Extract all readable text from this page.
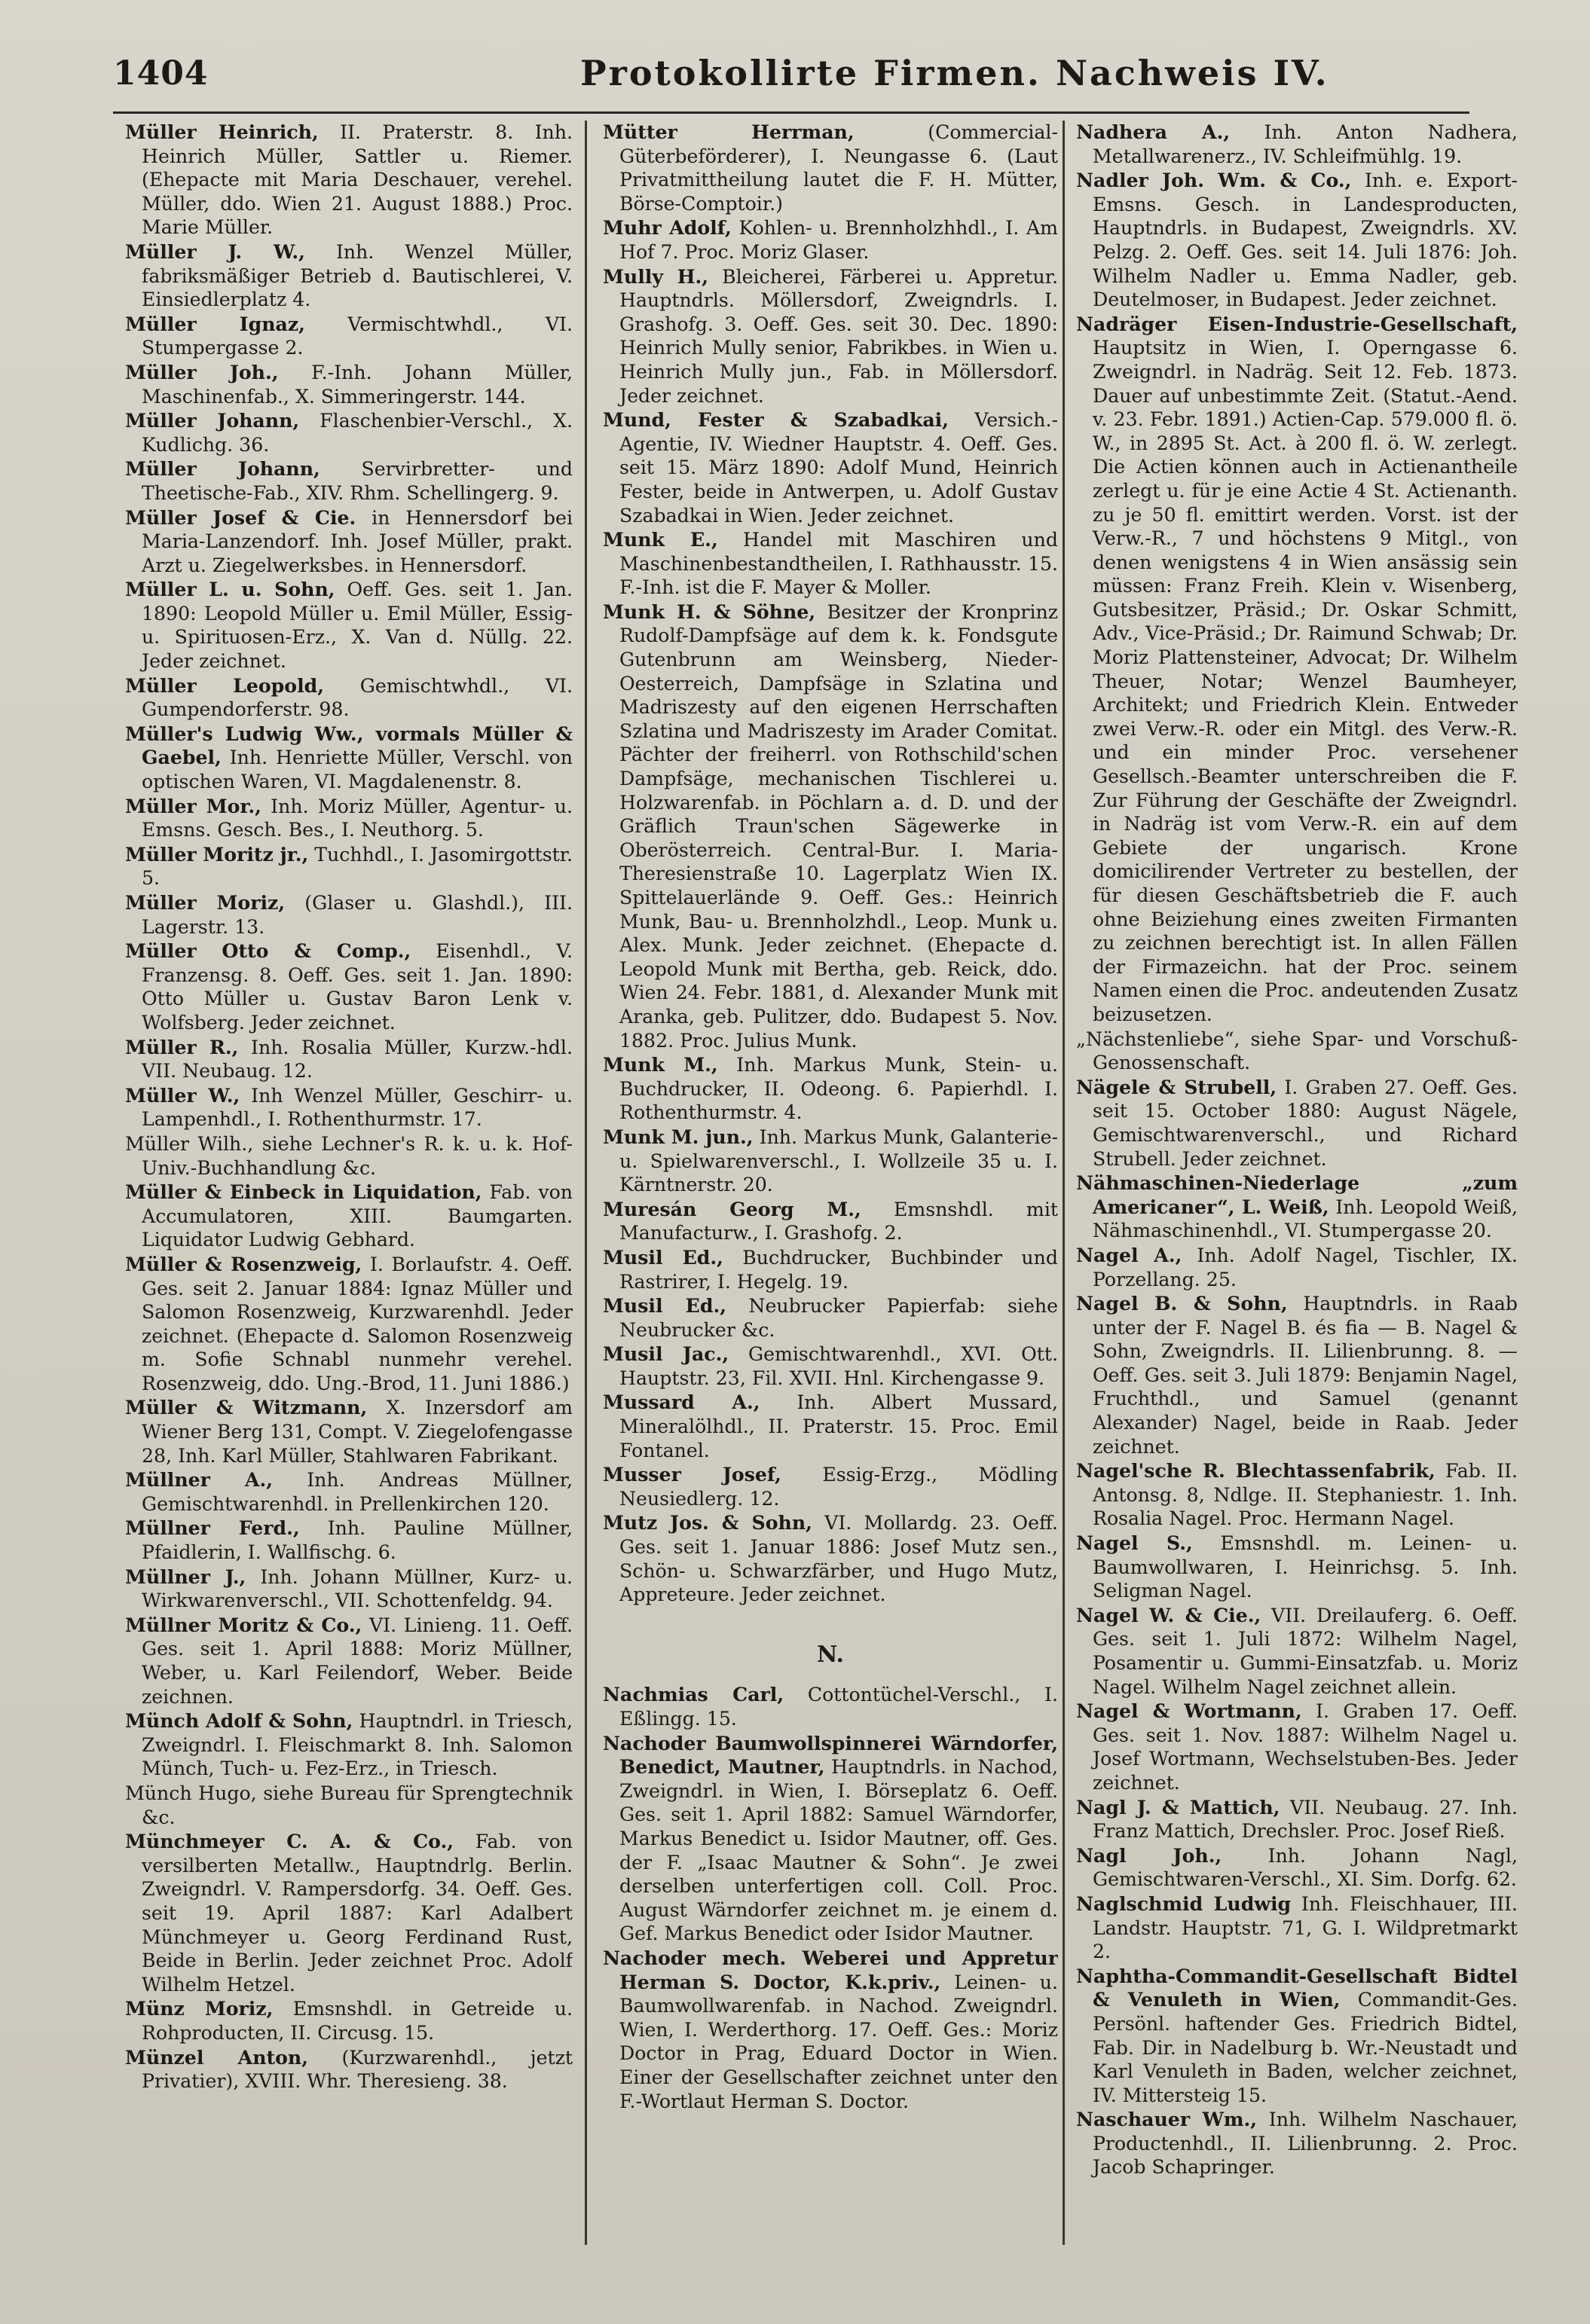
1404	Protokollirte Firmen. Nachweis IV.
Müller Heinrich, II. Praterstr. 8. Inh. Heinrich Müller, Sattler u. Riemer. (Ehepacte mit Maria Deschauer, verehel. Müller, ddo. Wien 21. August 1888.) Proc. Marie Müller.
Müller J. W., Inh. Wenzel Müller, fabriksmäßiger Betrieb d. Bautischlerei, V. Einsiedlerplatz 4.
Müller Ignaz, Vermischtwhdl., VI. Stumpergasse 2.
Müller Joh., F.-Inh. Johann Müller, Maschinenfab., X. Simmeringerstr. 144.
Müller Johann, Flaschenbier-Verschl., X. Kudlichg. 36.
Müller Johann, Servirbretter- und Theetische-Fab., XIV. Rhm. Schellingerg. 9.
Müller Josef & Cie. in Hennersdorf bei Maria-Lanzendorf. Inh. Josef Müller, prakt. Arzt u. Ziegelwerksbes. in Hennersdorf.
Müller L. u. Sohn, Oeff. Ges. seit 1. Jan. 1890: Leopold Müller u. Emil Müller, Essig- u. Spirituosen-Erz., X. Van d. Nüllg. 22. Jeder zeichnet.
Müller Leopold, Gemischtwhdl., VI. Gumpendorferstr. 98.
Müller's Ludwig Ww., vormals Müller & Gaebel, Inh. Henriette Müller, Verschl. von optischen Waren, VI. Magdalenenstr. 8.
Müller Mor., Inh. Moriz Müller, Agentur- u. Emsns. Gesch. Bes., I. Neuthorg. 5.
Müller Moritz jr., Tuchhdl., I. Jasomirgottstr. 5.
Müller Moriz, (Glaser u. Glashdl.), III. Lagerstr. 13.
Müller Otto & Comp., Eisenhdl., V. Franzensg. 8. Oeff. Ges. seit 1. Jan. 1890: Otto Müller u. Gustav Baron Lenk v. Wolfsberg. Jeder zeichnet.
Müller R., Inh. Rosalia Müller, Kurzw.-hdl. VII. Neubaug. 12.
Müller W., Inh Wenzel Müller, Geschirr- u. Lampenhdl., I. Rothenthurmstr. 17.
Müller Wilh., siehe Lechner's R. k. u. k. Hof-Univ.-Buchhandlung &c.
Müller & Einbeck in Liquidation, Fab. von Accumulatoren, XIII. Baumgarten. Liquidator Ludwig Gebhard.
Müller & Rosenzweig, I. Borlaufstr. 4. Oeff. Ges. seit 2. Januar 1884: Ignaz Müller und Salomon Rosenzweig, Kurzwarenhdl. Jeder zeichnet. (Ehepacte d. Salomon Rosenzweig m. Sofie Schnabl nunmehr verehel. Rosenzweig, ddo. Ung.-Brod, 11. Juni 1886.)
Müller & Witzmann, X. Inzersdorf am Wiener Berg 131, Compt. V. Ziegelofengasse 28, Inh. Karl Müller, Stahlwaren Fabrikant.
Müllner A., Inh. Andreas Müllner, Gemischtwarenhdl. in Prellenkirchen 120.
Müllner Ferd., Inh. Pauline Müllner, Pfaidlerin, I. Wallfischg. 6.
Müllner J., Inh. Johann Müllner, Kurz- u. Wirkwarenverschl., VII. Schottenfeldg. 94.
Müllner Moritz & Co., VI. Linieng. 11. Oeff. Ges. seit 1. April 1888: Moriz Müllner, Weber, u. Karl Feilendorf, Weber. Beide zeichnen.
Münch Adolf & Sohn, Hauptndrl. in Triesch, Zweigndrl. I. Fleischmarkt 8. Inh. Salomon Münch, Tuch- u. Fez-Erz., in Triesch.
Münch Hugo, siehe Bureau für Sprengtechnik &c.
Münchmeyer C. A. & Co., Fab. von versilberten Metallw., Hauptndrlg. Berlin. Zweigndrl. V. Rampersdorfg. 34. Oeff. Ges. seit 19. April 1887: Karl Adalbert Münchmeyer u. Georg Ferdinand Rust, Beide in Berlin. Jeder zeichnet Proc. Adolf Wilhelm Hetzel.
Münz Moriz, Emsnshdl. in Getreide u. Rohproducten, II. Circusg. 15.
Münzel Anton, (Kurzwarenhdl., jetzt Privatier), XVIII. Whr. Theresieng. 38.
Mütter Herrman, (Commercial-Güterbeförderer), I. Neungasse 6. (Laut Privatmittheilung lautet die F. H. Mütter, Börse-Comptoir.)
Muhr Adolf, Kohlen- u. Brennholzhhdl., I. Am Hof 7. Proc. Moriz Glaser.
Mully H., Bleicherei, Färberei u. Appretur. Hauptndrls. Möllersdorf, Zweigndrls. I. Grashofg. 3. Oeff. Ges. seit 30. Dec. 1890: Heinrich Mully senior, Fabrikbes. in Wien u. Heinrich Mully jun., Fab. in Möllersdorf. Jeder zeichnet.
Mund, Fester & Szabadkai, Versich.-Agentie, IV. Wiedner Hauptstr. 4. Oeff. Ges. seit 15. März 1890: Adolf Mund, Heinrich Fester, beide in Antwerpen, u. Adolf Gustav Szabadkai in Wien. Jeder zeichnet.
Munk E., Handel mit Maschiren und Maschinenbestandtheilen, I. Rathhausstr. 15. F.-Inh. ist die F. Mayer & Moller.
Munk H. & Söhne, Besitzer der Kronprinz Rudolf-Dampfsäge auf dem k. k. Fondsgute Gutenbrunn am Weinsberg, Nieder-Oesterreich, Dampfsäge in Szlatina und Madriszesty auf den eigenen Herrschaften Szlatina und Madriszesty im Arader Comitat. Pächter der freiherrl. von Rothschild'schen Dampfsäge, mechanischen Tischlerei u. Holzwarenfab. in Pöchlarn a. d. D. und der Gräflich Traun'schen Sägewerke in Oberösterreich. Central-Bur. I. Maria-Theresienstraße 10. Lagerplatz Wien IX. Spittelauerlände 9. Oeff. Ges.: Heinrich Munk, Bau- u. Brennholzhdl., Leop. Munk u. Alex. Munk. Jeder zeichnet. (Ehepacte d. Leopold Munk mit Bertha, geb. Reick, ddo. Wien 24. Febr. 1881, d. Alexander Munk mit Aranka, geb. Pulitzer, ddo. Budapest 5. Nov. 1882. Proc. Julius Munk.
Munk M., Inh. Markus Munk, Stein- u. Buchdrucker, II. Odeong. 6. Papierhdl. I. Rothenthurmstr. 4.
Munk M. jun., Inh. Markus Munk, Galanterie- u. Spielwarenverschl., I. Wollzeile 35 u. I. Kärntnerstr. 20.
Muresán Georg M., Emsnshdl. mit Manufacturw., I. Grashofg. 2.
Musil Ed., Buchdrucker, Buchbinder und Rastrirer, I. Hegelg. 19.
Musil Ed., Neubrucker Papierfab: siehe Neubrucker &c.
Musil Jac., Gemischtwarenhdl., XVI. Ott. Hauptstr. 23, Fil. XVII. Hnl. Kirchengasse 9.
Mussard A., Inh. Albert Mussard, Mineralölhdl., II. Praterstr. 15. Proc. Emil Fontanel.
Musser Josef, Essig-Erzg., Mödling Neusiedlerg. 12.
Mutz Jos. & Sohn, VI. Mollardg. 23. Oeff. Ges. seit 1. Januar 1886: Josef Mutz sen., Schön- u. Schwarzfärber, und Hugo Mutz, Appreteure. Jeder zeichnet.
N.
Nachmias Carl, Cottontüchel-Verschl., I. Eßlingg. 15.
Nachoder Baumwollspinnerei Wärndorfer, Benedict, Mautner, Hauptndrls. in Nachod, Zweigndrl. in Wien, I. Börseplatz 6. Oeff. Ges. seit 1. April 1882: Samuel Wärndorfer, Markus Benedict u. Isidor Mautner, off. Ges. der F. „Isaac Mautner & Sohn“. Je zwei derselben unterfertigen coll. Coll. Proc. August Wärndorfer zeichnet m. je einem d. Gef. Markus Benedict oder Isidor Mautner.
Nachoder mech. Weberei und Appretur Herman S. Doctor, K.k.priv., Leinen- u. Baumwollwarenfab. in Nachod. Zweigndrl. Wien, I. Werderthorg. 17. Oeff. Ges.: Moriz Doctor in Prag, Eduard Doctor in Wien. Einer der Gesellschafter zeichnet unter den F.-Wortlaut Herman S. Doctor.
Nadhera A., Inh. Anton Nadhera, Metallwarenerz., IV. Schleifmühlg. 19.
Nadler Joh. Wm. & Co., Inh. e. Export-Emsns. Gesch. in Landesproducten, Hauptndrls. in Budapest, Zweigndrls. XV. Pelzg. 2. Oeff. Ges. seit 14. Juli 1876: Joh. Wilhelm Nadler u. Emma Nadler, geb. Deutelmoser, in Budapest. Jeder zeichnet.
Nadräger Eisen-Industrie-Gesellschaft, Hauptsitz in Wien, I. Operngasse 6. Zweigndrl. in Nadräg. Seit 12. Feb. 1873. Dauer auf unbestimmte Zeit. (Statut.-Aend. v. 23. Febr. 1891.) Actien-Cap. 579.000 fl. ö. W., in 2895 St. Act. à 200 fl. ö. W. zerlegt. Die Actien können auch in Actienantheile zerlegt u. für je eine Actie 4 St. Actienanth. zu je 50 fl. emittirt werden. Vorst. ist der Verw.-R., 7 und höchstens 9 Mitgl., von denen wenigstens 4 in Wien ansässig sein müssen: Franz Freih. Klein v. Wisenberg, Gutsbesitzer, Präsid.; Dr. Oskar Schmitt, Adv., Vice-Präsid.; Dr. Raimund Schwab; Dr. Moriz Plattensteiner, Advocat; Dr. Wilhelm Theuer, Notar; Wenzel Baumheyer, Architekt; und Friedrich Klein. Entweder zwei Verw.-R. oder ein Mitgl. des Verw.-R. und ein minder Proc. versehener Gesellsch.-Beamter unterschreiben die F. Zur Führung der Geschäfte der Zweigndrl. in Nadräg ist vom Verw.-R. ein auf dem Gebiete der ungarisch. Krone domicilirender Vertreter zu bestellen, der für diesen Geschäftsbetrieb die F. auch ohne Beiziehung eines zweiten Firmanten zu zeichnen berechtigt ist. In allen Fällen der Firmazeichn. hat der Proc. seinem Namen einen die Proc. andeutenden Zusatz beizusetzen.
„Nächstenliebe“, siehe Spar- und Vorschuß-Genossenschaft.
Nägele & Strubell, I. Graben 27. Oeff. Ges. seit 15. October 1880: August Nägele, Gemischtwarenverschl., und Richard Strubell. Jeder zeichnet.
Nähmaschinen-Niederlage „zum Americaner“, L. Weiß, Inh. Leopold Weiß, Nähmaschinenhdl., VI. Stumpergasse 20.
Nagel A., Inh. Adolf Nagel, Tischler, IX. Porzellang. 25.
Nagel B. & Sohn, Hauptndrls. in Raab unter der F. Nagel B. és fia — B. Nagel & Sohn, Zweigndrls. II. Lilienbrunng. 8. — Oeff. Ges. seit 3. Juli 1879: Benjamin Nagel, Fruchthdl., und Samuel (genannt Alexander) Nagel, beide in Raab. Jeder zeichnet.
Nagel'sche R. Blechtassenfabrik, Fab. II. Antonsg. 8, Ndlge. II. Stephaniestr. 1. Inh. Rosalia Nagel. Proc. Hermann Nagel.
Nagel S., Emsnshdl. m. Leinen- u. Baumwollwaren, I. Heinrichsg. 5. Inh. Seligman Nagel.
Nagel W. & Cie., VII. Dreilauferg. 6. Oeff. Ges. seit 1. Juli 1872: Wilhelm Nagel, Posamentir u. Gummi-Einsatzfab. u. Moriz Nagel. Wilhelm Nagel zeichnet allein.
Nagel & Wortmann, I. Graben 17. Oeff. Ges. seit 1. Nov. 1887: Wilhelm Nagel u. Josef Wortmann, Wechselstuben-Bes. Jeder zeichnet.
Nagl J. & Mattich, VII. Neubaug. 27. Inh. Franz Mattich, Drechsler. Proc. Josef Rieß.
Nagl Joh., Inh. Johann Nagl, Gemischtwaren-Verschl., XI. Sim. Dorfg. 62.
Naglschmid Ludwig Inh. Fleischhauer, III. Landstr. Hauptstr. 71, G. I. Wildpretmarkt 2.
Naphtha-Commandit-Gesellschaft Bidtel & Venuleth in Wien, Commandit-Ges. Persönl. haftender Ges. Friedrich Bidtel, Fab. Dir. in Nadelburg b. Wr.-Neustadt und Karl Venuleth in Baden, welcher zeichnet, IV. Mittersteig 15.
Naschauer Wm., Inh. Wilhelm Naschauer, Productenhdl., II. Lilienbrunng. 2. Proc. Jacob Schapringer.
